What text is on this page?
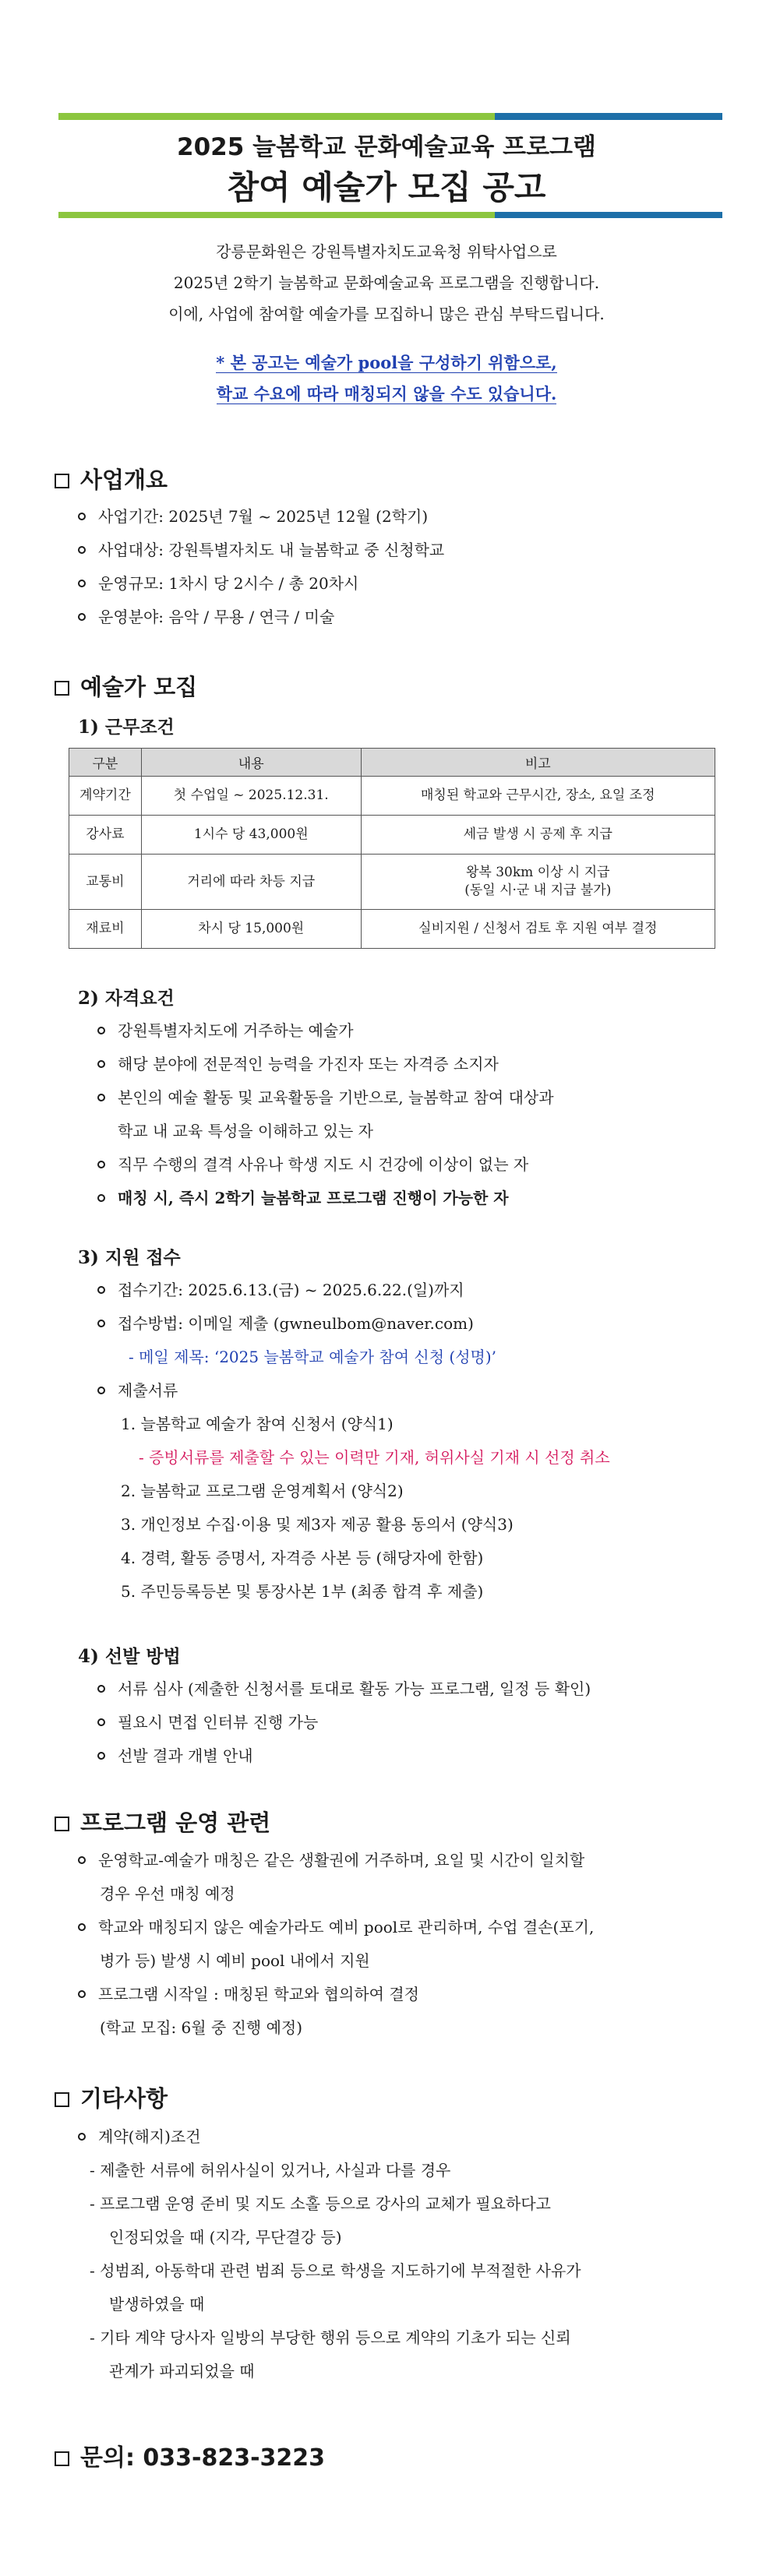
2025 늘봄학교 문화예술교육 프로그램
참여 예술가 모집 공고
강릉문화원은 강원특별자치도교육청 위탁사업으로
2025년 2학기 늘봄학교 문화예술교육 프로그램을 진행합니다.
이에, 사업에 참여할 예술가를 모집하니 많은 관심 부탁드립니다.
* 본 공고는 예술가 pool을 구성하기 위함으로,
학교 수요에 따라 매칭되지 않을 수도 있습니다.
사업개요
사업기간: 2025년 7월 ~ 2025년 12월 (2학기)
사업대상: 강원특별자치도 내 늘봄학교 중 신청학교
운영규모: 1차시 당 2시수 / 총 20차시
운영분야: 음악 / 무용 / 연극 / 미술
예술가 모집
1) 근무조건
구분	내용	비고
계약기간	첫 수업일 ~ 2025.12.31.	매칭된 학교와 근무시간, 장소, 요일 조정
강사료	1시수 당 43,000원	세금 발생 시 공제 후 지급
교통비	거리에 따라 차등 지급	왕복 30km 이상 시 지급
(동일 시·군 내 지급 불가)

재료비	차시 당 15,000원	실비지원 / 신청서 검토 후 지원 여부 결정
2) 자격요건
강원특별자치도에 거주하는 예술가
해당 분야에 전문적인 능력을 가진자 또는 자격증 소지자
본인의 예술 활동 및 교육활동을 기반으로, 늘봄학교 참여 대상과
학교 내 교육 특성을 이해하고 있는 자
직무 수행의 결격 사유나 학생 지도 시 건강에 이상이 없는 자
매칭 시, 즉시 2학기 늘봄학교 프로그램 진행이 가능한 자
3) 지원 접수
접수기간: 2025.6.13.(금) ~ 2025.6.22.(일)까지
접수방법: 이메일 제출 (gwneulbom@naver.com)
- 메일 제목: ‘2025 늘봄학교 예술가 참여 신청 (성명)’
제출서류
1. 늘봄학교 예술가 참여 신청서 (양식1)
- 증빙서류를 제출할 수 있는 이력만 기재, 허위사실 기재 시 선정 취소
2. 늘봄학교 프로그램 운영계획서 (양식2)
3. 개인정보 수집·이용 및 제3자 제공 활용 동의서 (양식3)
4. 경력, 활동 증명서, 자격증 사본 등 (해당자에 한함)
5. 주민등록등본 및 통장사본 1부 (최종 합격 후 제출)
4) 선발 방법
서류 심사 (제출한 신청서를 토대로 활동 가능 프로그램, 일정 등 확인)
필요시 면접 인터뷰 진행 가능
선발 결과 개별 안내
프로그램 운영 관련
운영학교-예술가 매칭은 같은 생활권에 거주하며, 요일 및 시간이 일치할
경우 우선 매칭 예정
학교와 매칭되지 않은 예술가라도 예비 pool로 관리하며, 수업 결손(포기,
병가 등) 발생 시 예비 pool 내에서 지원
프로그램 시작일 : 매칭된 학교와 협의하여 결정
(학교 모집: 6월 중 진행 예정)
기타사항
계약(해지)조건
- 제출한 서류에 허위사실이 있거나, 사실과 다를 경우
- 프로그램 운영 준비 및 지도 소홀 등으로 강사의 교체가 필요하다고
인정되었을 때 (지각, 무단결강 등)
- 성범죄, 아동학대 관련 범죄 등으로 학생을 지도하기에 부적절한 사유가
발생하였을 때
- 기타 계약 당사자 일방의 부당한 행위 등으로 계약의 기초가 되는 신뢰
관계가 파괴되었을 때
문의: 033-823-3223
